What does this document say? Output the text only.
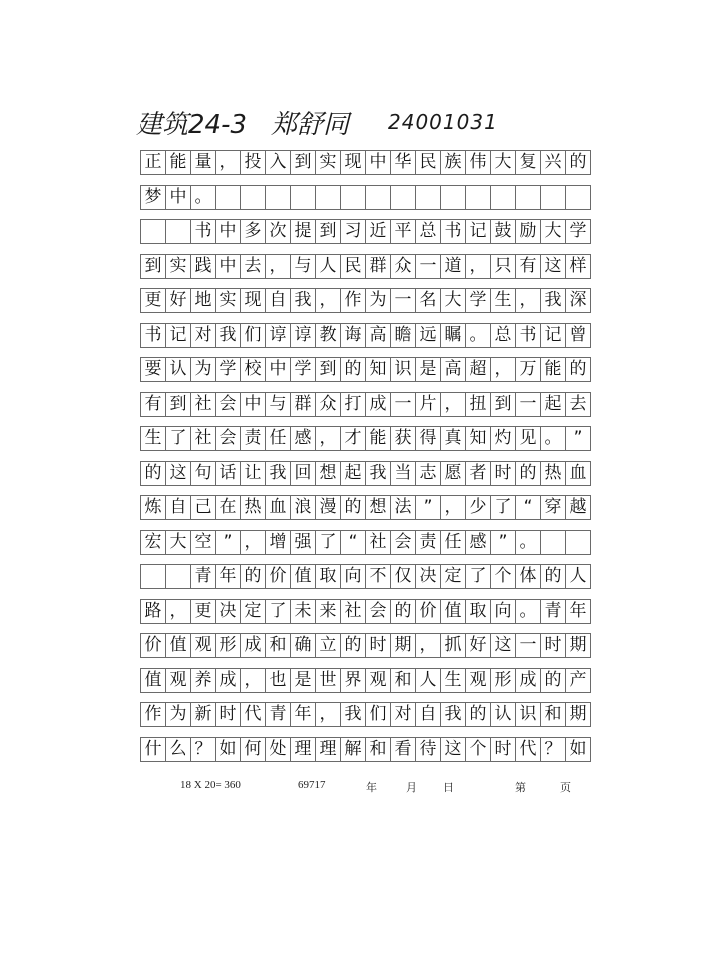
建筑24-3 郑舒同 24001031
正 能 量 ， 投 入 到 实 现 中 华 民 族 伟 大 复 兴 的
梦 中 。
书 中 多 次 提 到 习 近 平 总 书 记 鼓 励 大 学
到 实 践 中 去 ， 与 人 民 群 众 一 道 ， 只 有 这 样
更 好 地 实 现 自 我 ， 作 为 一 名 大 学 生 ， 我 深
书 记 对 我 们 谆 谆 教 诲 高 瞻 远 瞩 。 总 书 记 曾
要 认 为 学 校 中 学 到 的 知 识 是 高 超 ， 万 能 的
有 到 社 会 中 与 群 众 打 成 一 片 ， 扭 到 一 起 去
生 了 社 会 责 任 感 ， 才 能 获 得 真 知 灼 见 。 ”
的 这 句 话 让 我 回 想 起 我 当 志 愿 者 时 的 热 血
炼 自 己 在 热 血 浪 漫 的 想 法 ” ， 少 了 “ 穿 越
宏 大 空 ” ， 增 强 了 “ 社 会 责 任 感 ” 。
青 年 的 价 值 取 向 不 仅 决 定 了 个 体 的 人
路 ， 更 决 定 了 未 来 社 会 的 价 值 取 向 。 青 年
价 值 观 形 成 和 确 立 的 时 期 ， 抓 好 这 一 时 期
值 观 养 成 ， 也 是 世 界 观 和 人 生 观 形 成 的 产
作 为 新 时 代 青 年 ， 我 们 对 自 我 的 认 识 和 期
什 么 ？ 如 何 处 理 理 解 和 看 待 这 个 时 代 ？ 如
18 X 20= 360	69717	年	月 日	第	页
